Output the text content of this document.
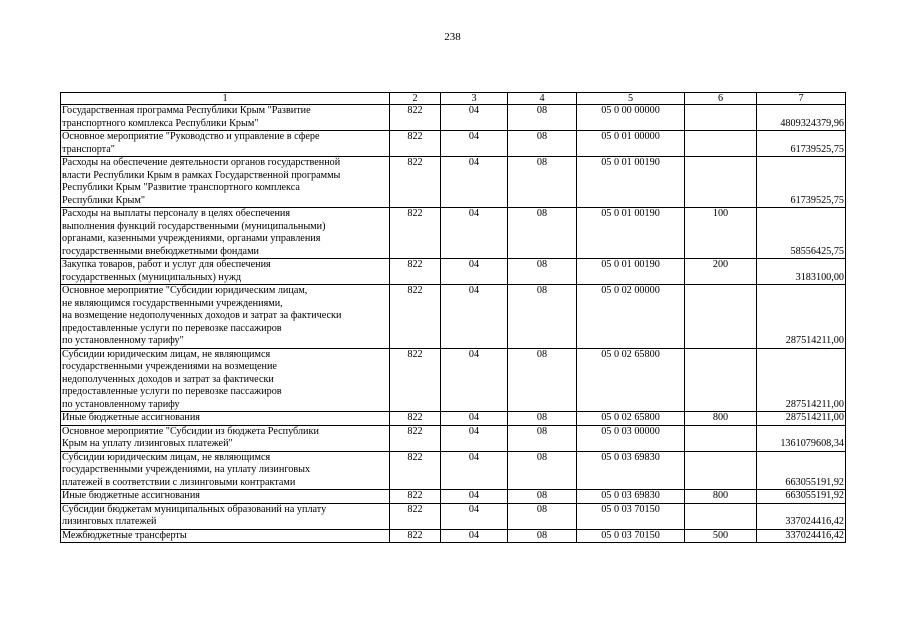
238
1	2	3	4	5	6	7

Государственная программа Республики Крым "Развитие
транспортного комплекса Республики Крым"	822	04	08	05 0 00 00000		4809324379,96

Основное мероприятие "Руководство и управление в сфере
транспорта"	822	04	08	05 0 01 00000		61739525,75

Расходы на обеспечение деятельности органов государственной
власти Республики Крым в рамках Государственной программы
Республики Крым "Развитие транспортного комплекса
Республики Крым"	822	04	08	05 0 01 00190		61739525,75

Расходы на выплаты персоналу в целях обеспечения
выполнения функций государственными (муниципальными)
органами, казенными учреждениями, органами управления
государственными внебюджетными фондами	822	04	08	05 0 01 00190	100	58556425,75

Закупка товаров, работ и услуг для обеспечения
государственных (муниципальных) нужд	822	04	08	05 0 01 00190	200	3183100,00

Основное мероприятие "Субсидии юридическим лицам,
не являющимся государственными учреждениями,
на возмещение недополученных доходов и затрат за фактически
предоставленные услуги по перевозке пассажиров
по установленному тарифу"	822	04	08	05 0 02 00000		287514211,00

Субсидии юридическим лицам, не являющимся
государственными учреждениями на возмещение
недополученных доходов и затрат за фактически
предоставленные услуги по перевозке пассажиров
по установленному тарифу	822	04	08	05 0 02 65800		287514211,00

Иные бюджетные ассигнования	822	04	08	05 0 02 65800	800	287514211,00

Основное мероприятие "Субсидии из бюджета Республики
Крым на уплату лизинговых платежей"	822	04	08	05 0 03 00000		1361079608,34

Субсидии юридическим лицам, не являющимся
государственными учреждениями, на уплату лизинговых
платежей в соответствии с лизинговыми контрактами	822	04	08	05 0 03 69830		663055191,92

Иные бюджетные ассигнования	822	04	08	05 0 03 69830	800	663055191,92

Субсидии бюджетам муниципальных образований на уплату
лизинговых платежей	822	04	08	05 0 03 70150		337024416,42

Межбюджетные трансферты	822	04	08	05 0 03 70150	500	337024416,42
